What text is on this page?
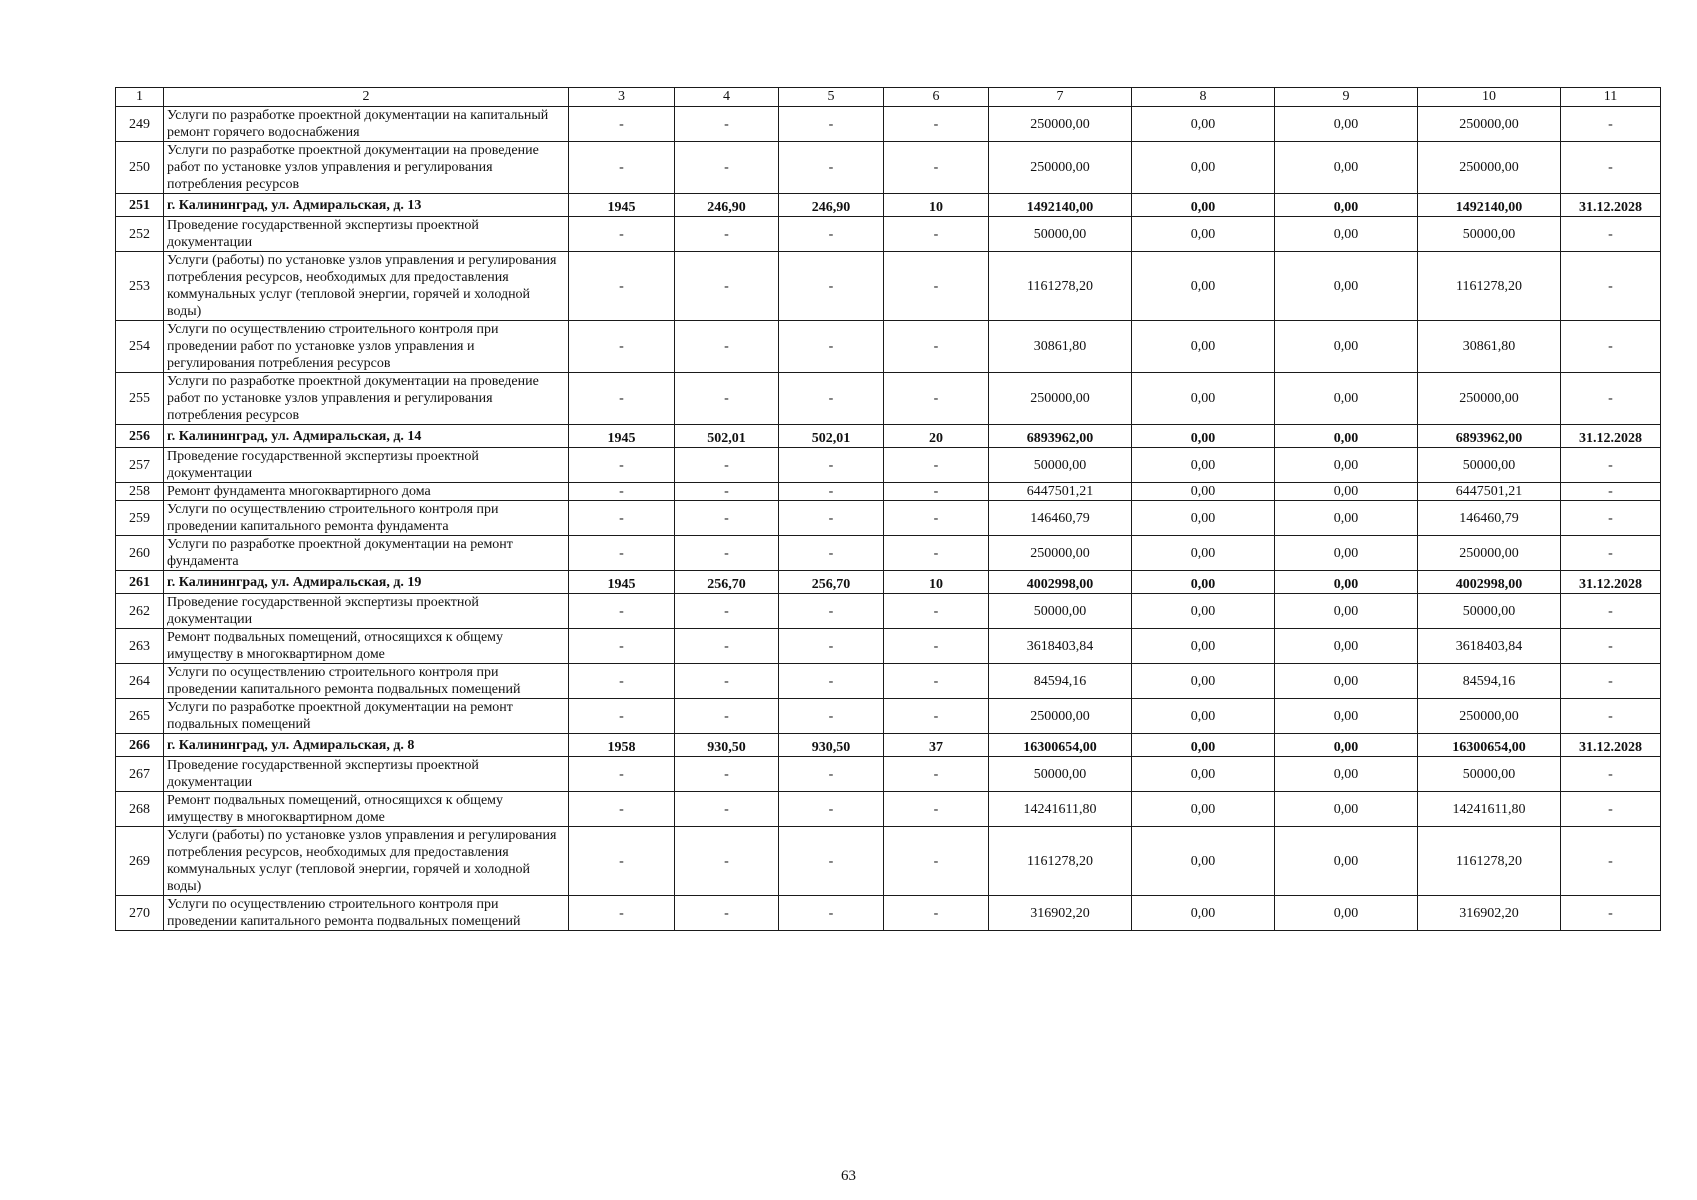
1	2	3	4	5	6	7	8	9	10	11
249	Услуги по разработке проектной документации на капитальный ремонт горячего водоснабжения	-	-	-	-	250000,00	0,00	0,00	250000,00	-
250	Услуги по разработке проектной документации на проведение работ по установке узлов управления и регулирования потребления ресурсов	-	-	-	-	250000,00	0,00	0,00	250000,00	-
251	г. Калининград, ул. Адмиральская, д. 13	1945	246,90	246,90	10	1492140,00	0,00	0,00	1492140,00	31.12.2028
252	Проведение государственной экспертизы проектной документации	-	-	-	-	50000,00	0,00	0,00	50000,00	-
253	Услуги (работы) по установке узлов управления и регулирования потребления ресурсов, необходимых для предоставления коммунальных услуг (тепловой энергии, горячей и холодной воды)	-	-	-	-	1161278,20	0,00	0,00	1161278,20	-
254	Услуги по осуществлению строительного контроля при проведении работ по установке узлов управления и регулирования потребления ресурсов	-	-	-	-	30861,80	0,00	0,00	30861,80	-
255	Услуги по разработке проектной документации на проведение работ по установке узлов управления и регулирования потребления ресурсов	-	-	-	-	250000,00	0,00	0,00	250000,00	-
256	г. Калининград, ул. Адмиральская, д. 14	1945	502,01	502,01	20	6893962,00	0,00	0,00	6893962,00	31.12.2028
257	Проведение государственной экспертизы проектной документации	-	-	-	-	50000,00	0,00	0,00	50000,00	-
258	Ремонт фундамента многоквартирного дома	-	-	-	-	6447501,21	0,00	0,00	6447501,21	-
259	Услуги по осуществлению строительного контроля при проведении капитального ремонта фундамента	-	-	-	-	146460,79	0,00	0,00	146460,79	-
260	Услуги по разработке проектной документации на ремонт фундамента	-	-	-	-	250000,00	0,00	0,00	250000,00	-
261	г. Калининград, ул. Адмиральская, д. 19	1945	256,70	256,70	10	4002998,00	0,00	0,00	4002998,00	31.12.2028
262	Проведение государственной экспертизы проектной документации	-	-	-	-	50000,00	0,00	0,00	50000,00	-
263	Ремонт подвальных помещений, относящихся к общему имуществу в многоквартирном доме	-	-	-	-	3618403,84	0,00	0,00	3618403,84	-
264	Услуги по осуществлению строительного контроля при проведении капитального ремонта подвальных помещений	-	-	-	-	84594,16	0,00	0,00	84594,16	-
265	Услуги по разработке проектной документации на ремонт подвальных помещений	-	-	-	-	250000,00	0,00	0,00	250000,00	-
266	г. Калининград, ул. Адмиральская, д. 8	1958	930,50	930,50	37	16300654,00	0,00	0,00	16300654,00	31.12.2028
267	Проведение государственной экспертизы проектной документации	-	-	-	-	50000,00	0,00	0,00	50000,00	-
268	Ремонт подвальных помещений, относящихся к общему имуществу в многоквартирном доме	-	-	-	-	14241611,80	0,00	0,00	14241611,80	-
269	Услуги (работы) по установке узлов управления и регулирования потребления ресурсов, необходимых для предоставления коммунальных услуг (тепловой энергии, горячей и холодной воды)	-	-	-	-	1161278,20	0,00	0,00	1161278,20	-
270	Услуги по осуществлению строительного контроля при проведении капитального ремонта подвальных помещений	-	-	-	-	316902,20	0,00	0,00	316902,20	-
63
